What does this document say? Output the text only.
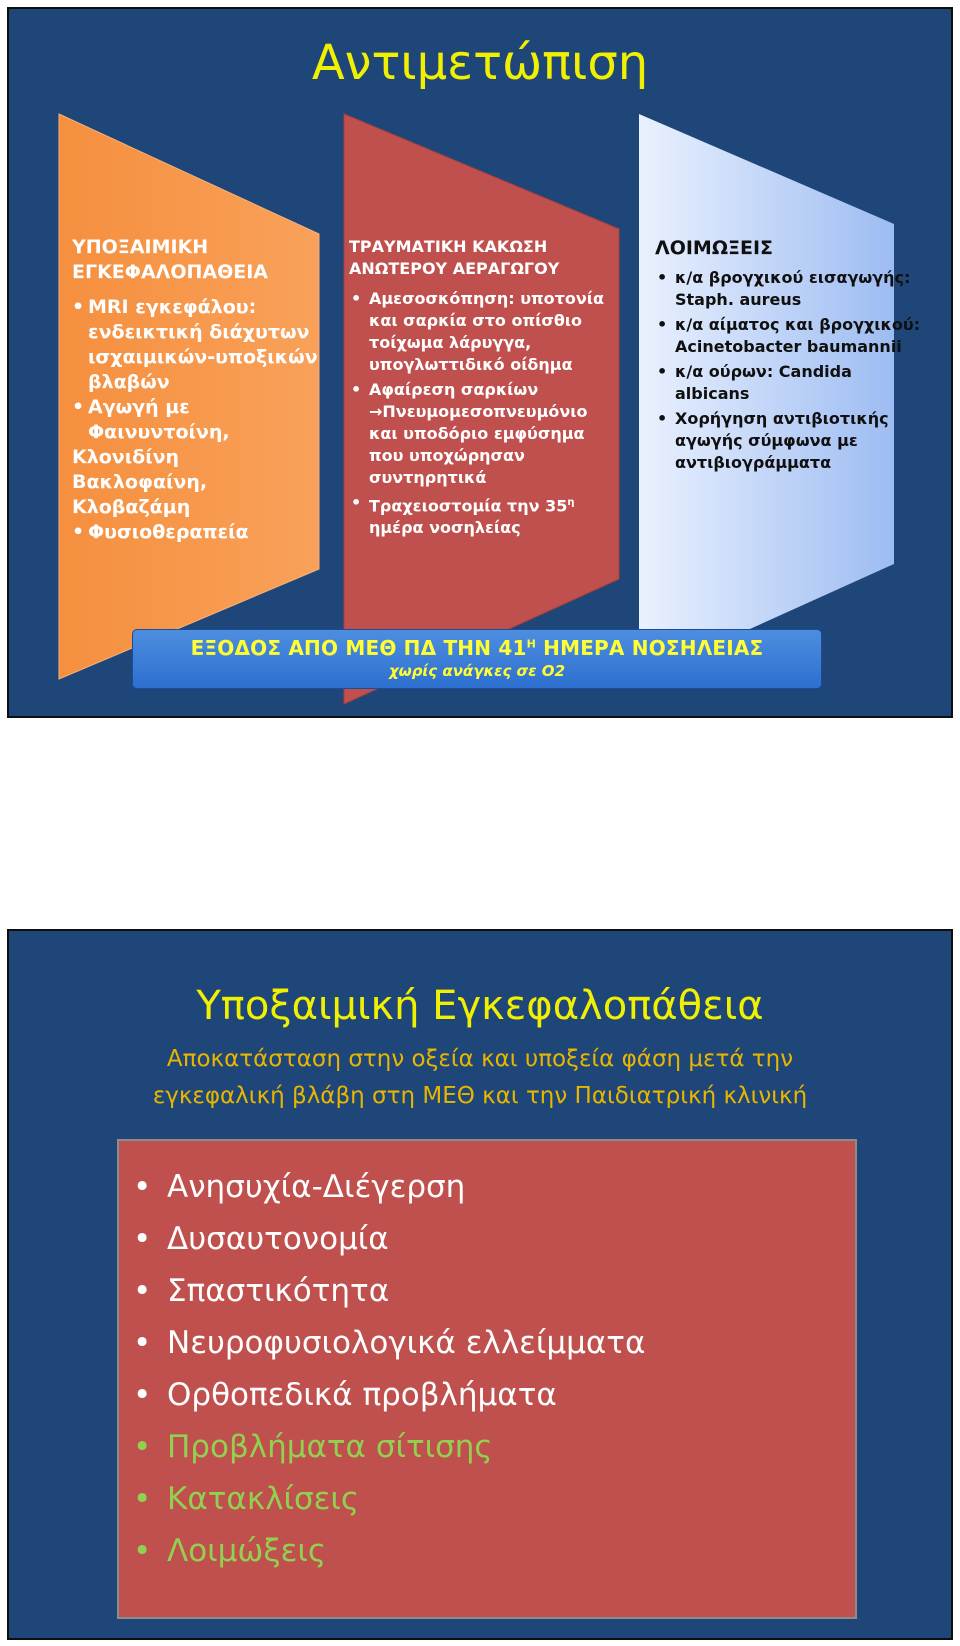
Αντιμετώπιση
ΥΠΟΞΑΙΜΙΚΗ ΕΓΚΕΦΑΛΟΠΑΘΕΙΑ
• MRI εγκεφάλου: ενδεικτική διάχυτων ισχαιμικών-υποξικών βλαβών
• Αγωγή με Φαινυντοίνη,
Κλονιδίνη
Βακλοφαίνη,
Κλοβαζάμη
• Φυσιοθεραπεία
ΤΡΑΥΜΑΤΙΚΗ ΚΑΚΩΣΗ ΑΝΩΤΕΡΟΥ ΑΕΡΑΓΩΓΟΥ
• Αμεσοσκόπηση: υποτονία και σαρκία στο οπίσθιο τοίχωμα λάρυγγα, υπογλωττιδικό οίδημα
• Αφαίρεση σαρκίων
→Πνευμομεσοπνευμόνιο και υποδόριο εμφύσημα που υποχώρησαν συντηρητικά
• Τραχειοστομία την $35^\eta$
ημέρα νοσηλείας
ΛΟΙΜΩΞΕΙΣ
• κ/α βρογχικού εισαγωγής: Staph. aureus
• κ/α αίματος και βρογχικού: Acinetobacter baumannii
• κ/α ούρων: Candida albicans
• Χορήγηση αντιβιοτικής αγωγής σύμφωνα με αντιβιογράμματα
ΕΞΟΔΟΣ ΑΠΟ ΜΕΘ ΠΔ ΤΗΝ $41^H$ ΗΜΕΡΑ ΝΟΣΗΛΕΙΑΣ
χωρίς ανάγκες σε O2
Υποξαιμική Εγκεφαλοπάθεια

Αποκατάσταση στην οξεία και υποξεία φάση μετά την
εγκεφαλική βλάβη στη ΜΕΘ και την Παιδιατρική κλινική

• Ανησυχία-Διέγερση
• Δυσαυτονομία
• Σπαστικότητα
• Νευροφυσιολογικά ελλείμματα
• Ορθοπεδικά προβλήματα
• Προβλήματα σίτισης
• Κατακλίσεις
• Λοιμώξεις
